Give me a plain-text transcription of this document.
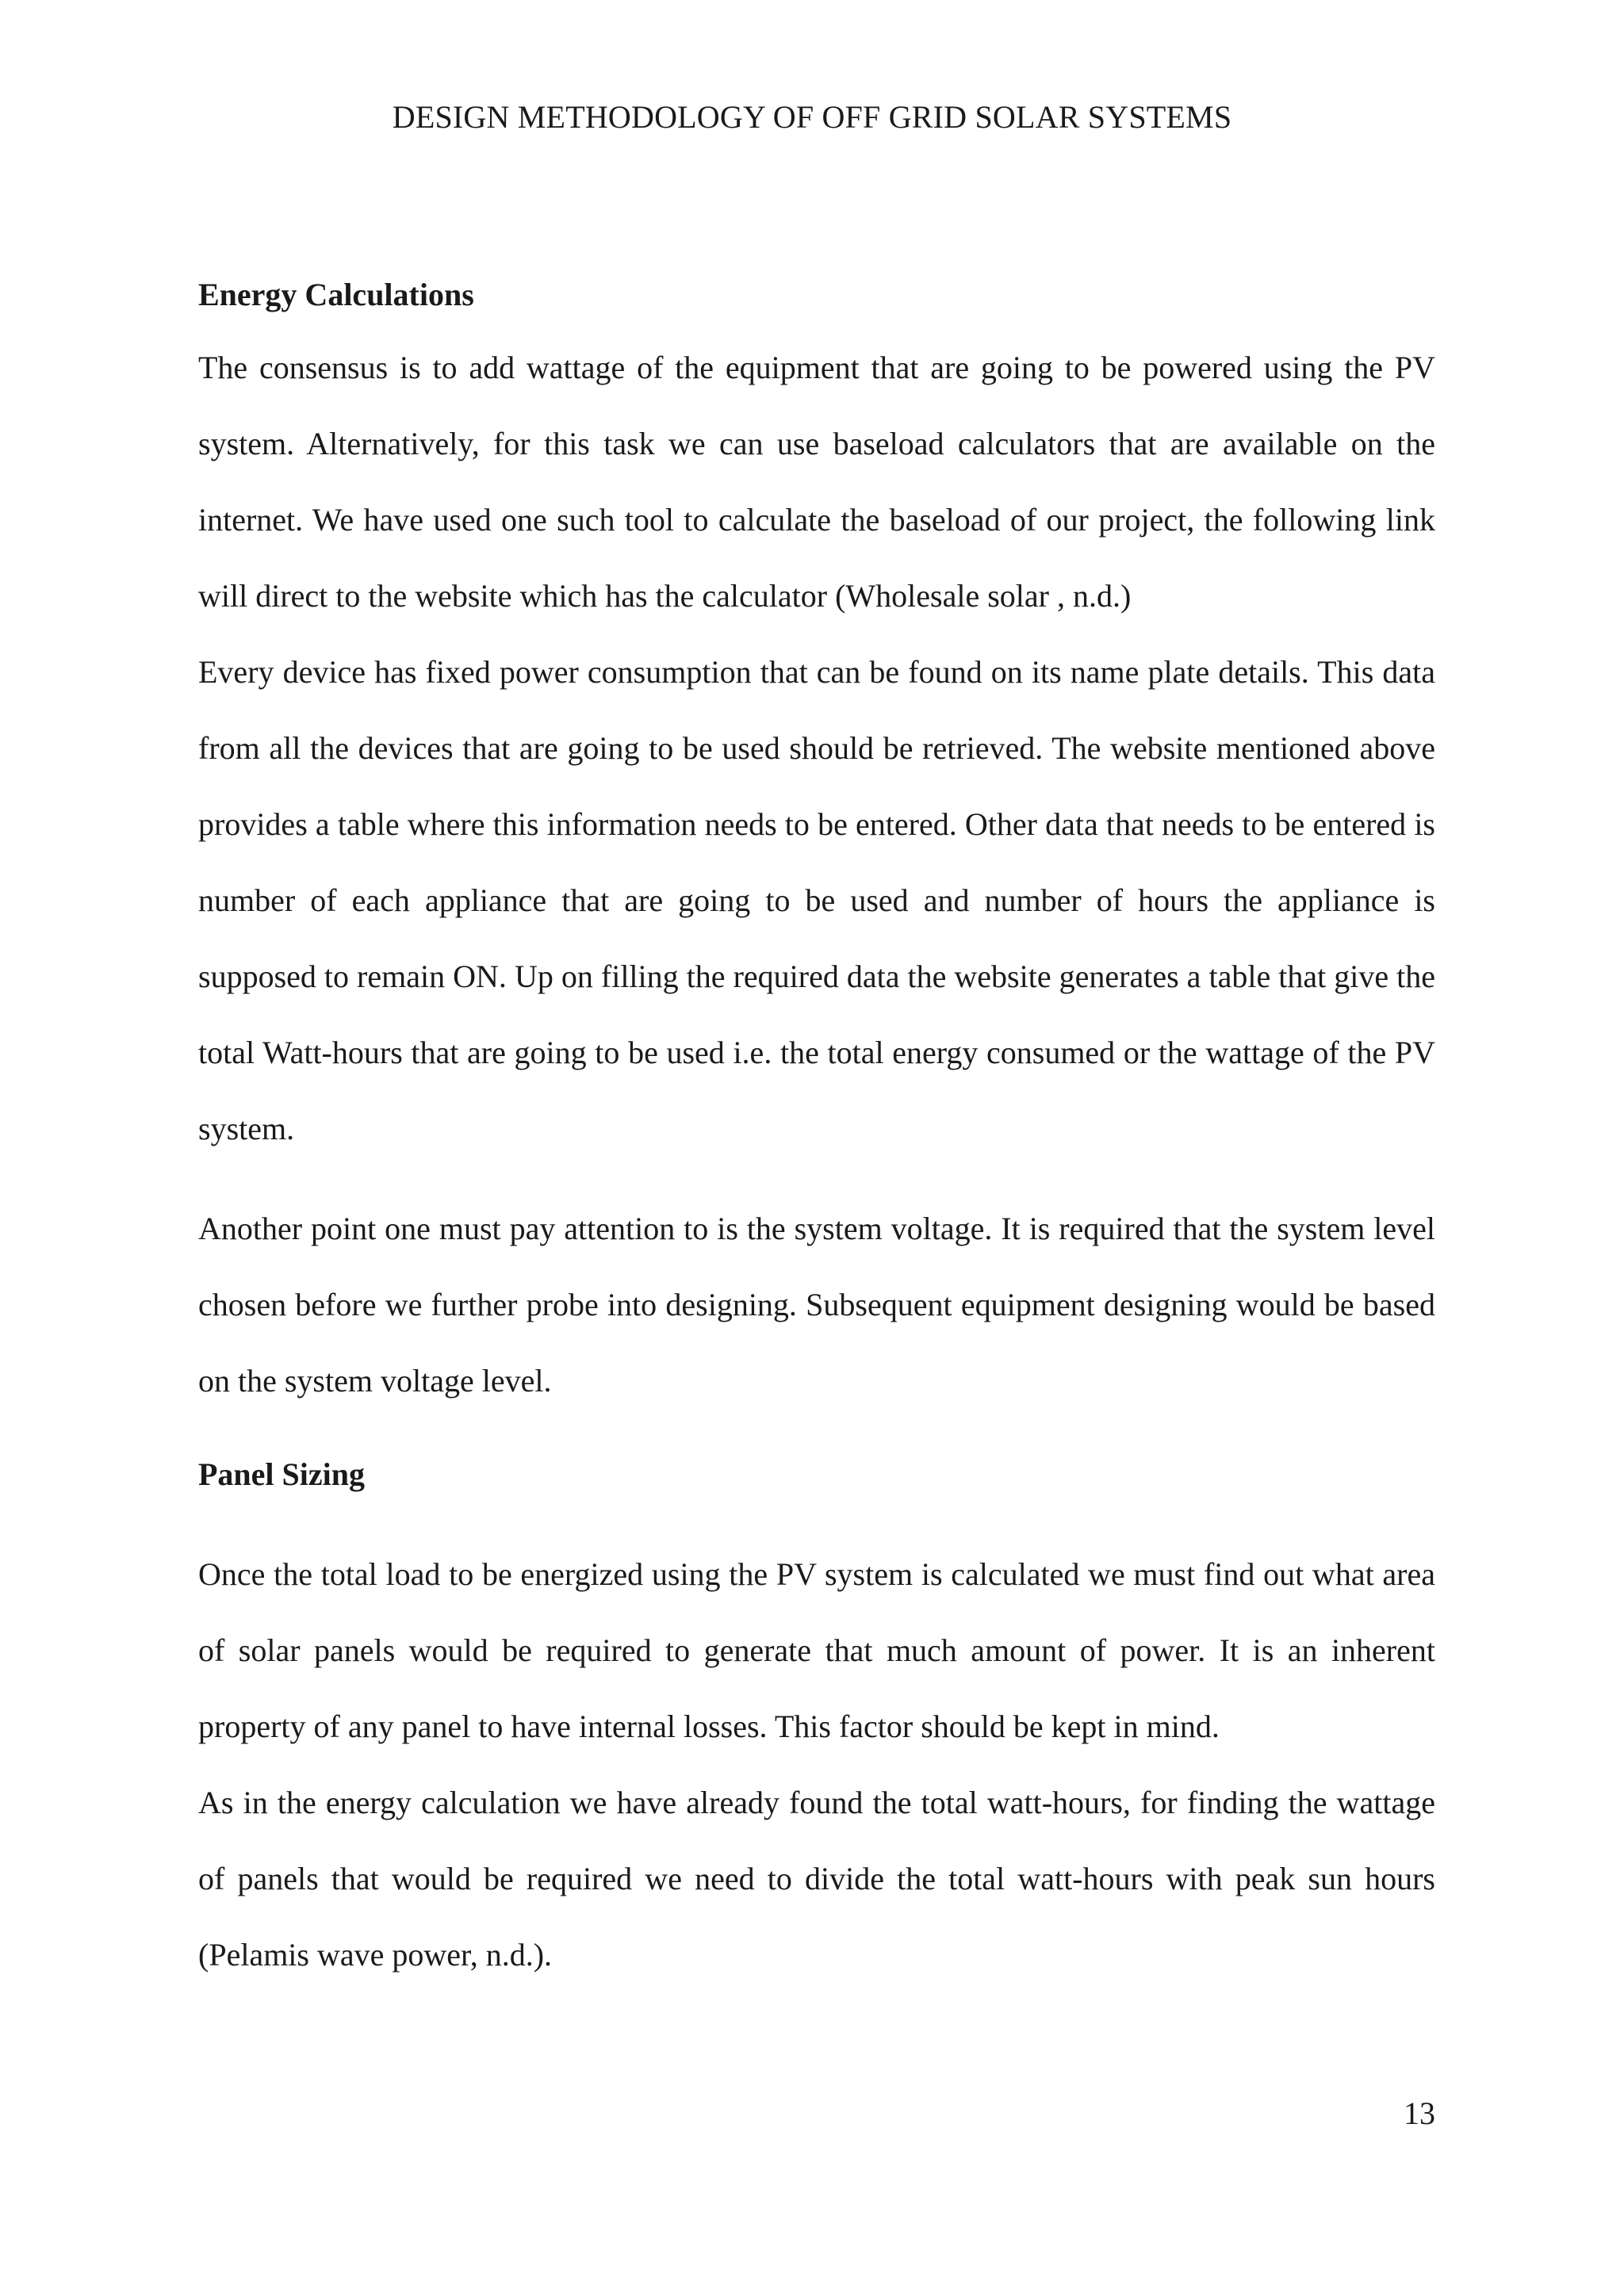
DESIGN METHODOLOGY OF OFF GRID SOLAR SYSTEMS
Energy Calculations

The consensus is to add wattage of the equipment that are going to be powered using the PV system. Alternatively, for this task we can use baseload calculators that are available on the internet. We have used one such tool to calculate the baseload of our project, the following link will direct to the website which has the calculator (Wholesale solar , n.d.)

Every device has fixed power consumption that can be found on its name plate details. This data from all the devices that are going to be used should be retrieved. The website mentioned above provides a table where this information needs to be entered. Other data that needs to be entered is number of each appliance that are going to be used and number of hours the appliance is supposed to remain ON. Up on filling the required data the website generates a table that give the total Watt-hours that are going to be used i.e. the total energy consumed or the wattage of the PV system.

Another point one must pay attention to is the system voltage. It is required that the system level chosen before we further probe into designing. Subsequent equipment designing would be based on the system voltage level.

Panel Sizing

Once the total load to be energized using the PV system is calculated we must find out what area of solar panels would be required to generate that much amount of power. It is an inherent property of any panel to have internal losses. This factor should be kept in mind.

As in the energy calculation we have already found the total watt-hours, for finding the wattage of panels that would be required we need to divide the total watt-hours with peak sun hours (Pelamis wave power, n.d.).

13
